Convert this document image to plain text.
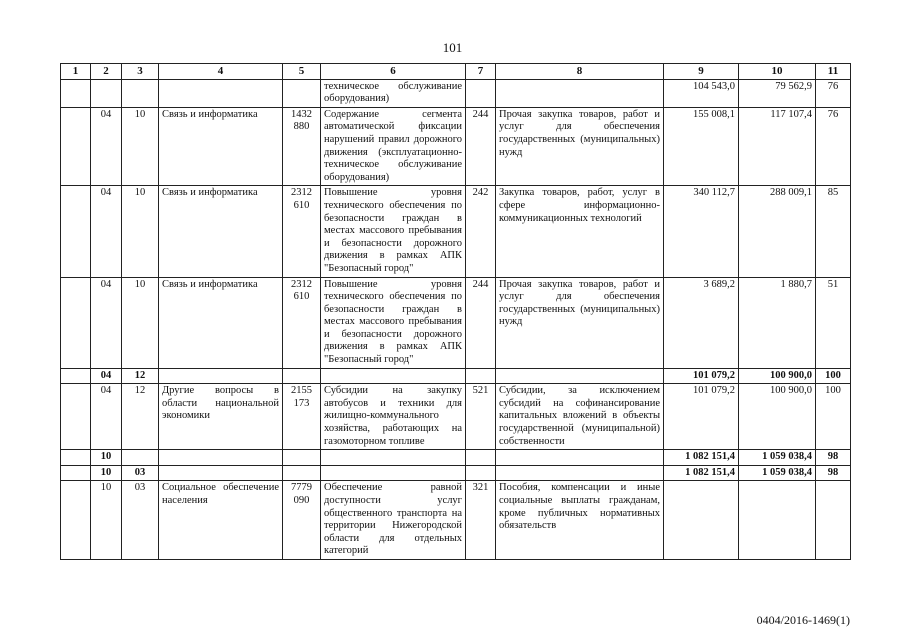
101
1	2	3	4	5	6	7	8	9	10	11
					техническое обслуживание оборудования)			104 543,0	79 562,9	76
	04	10	Связь и информатика	1432 880	Содержание сегмента автоматической фиксации нарушений правил дорожного движения (эксплуатационно-техническое обслуживание оборудования)	244	Прочая закупка товаров, работ и услуг для обеспечения государственных (муниципальных) нужд	155 008,1	117 107,4	76
	04	10	Связь и информатика	2312 610	Повышение уровня технического обеспечения по безопасности граждан в местах массового пребывания и безопасности дорожного движения в рамках АПК "Безопасный город"	242	Закупка товаров, работ, услуг в сфере информационно-коммуникационных технологий	340 112,7	288 009,1	85
	04	10	Связь и информатика	2312 610	Повышение уровня технического обеспечения по безопасности граждан в местах массового пребывания и безопасности дорожного движения в рамках АПК "Безопасный город"	244	Прочая закупка товаров, работ и услуг для обеспечения государственных (муниципальных) нужд	3 689,2	1 880,7	51
	04	12						101 079,2	100 900,0	100
	04	12	Другие вопросы в области национальной экономики	2155 173	Субсидии на закупку автобусов и техники для жилищно-коммунального хозяйства, работающих на газомоторном топливе	521	Субсидии, за исключением субсидий на софинансирование капитальных вложений в объекты государственной (муниципальной) собственности	101 079,2	100 900,0	100
	10							1 082 151,4	1 059 038,4	98
	10	03						1 082 151,4	1 059 038,4	98
	10	03	Социальное обеспечение населения	7779 090	Обеспечение равной доступности услуг общественного транспорта на территории Нижегородской области для отдельных категорий	321	Пособия, компенсации и иные социальные выплаты гражданам, кроме публичных нормативных обязательств			
0404/2016-1469(1)
